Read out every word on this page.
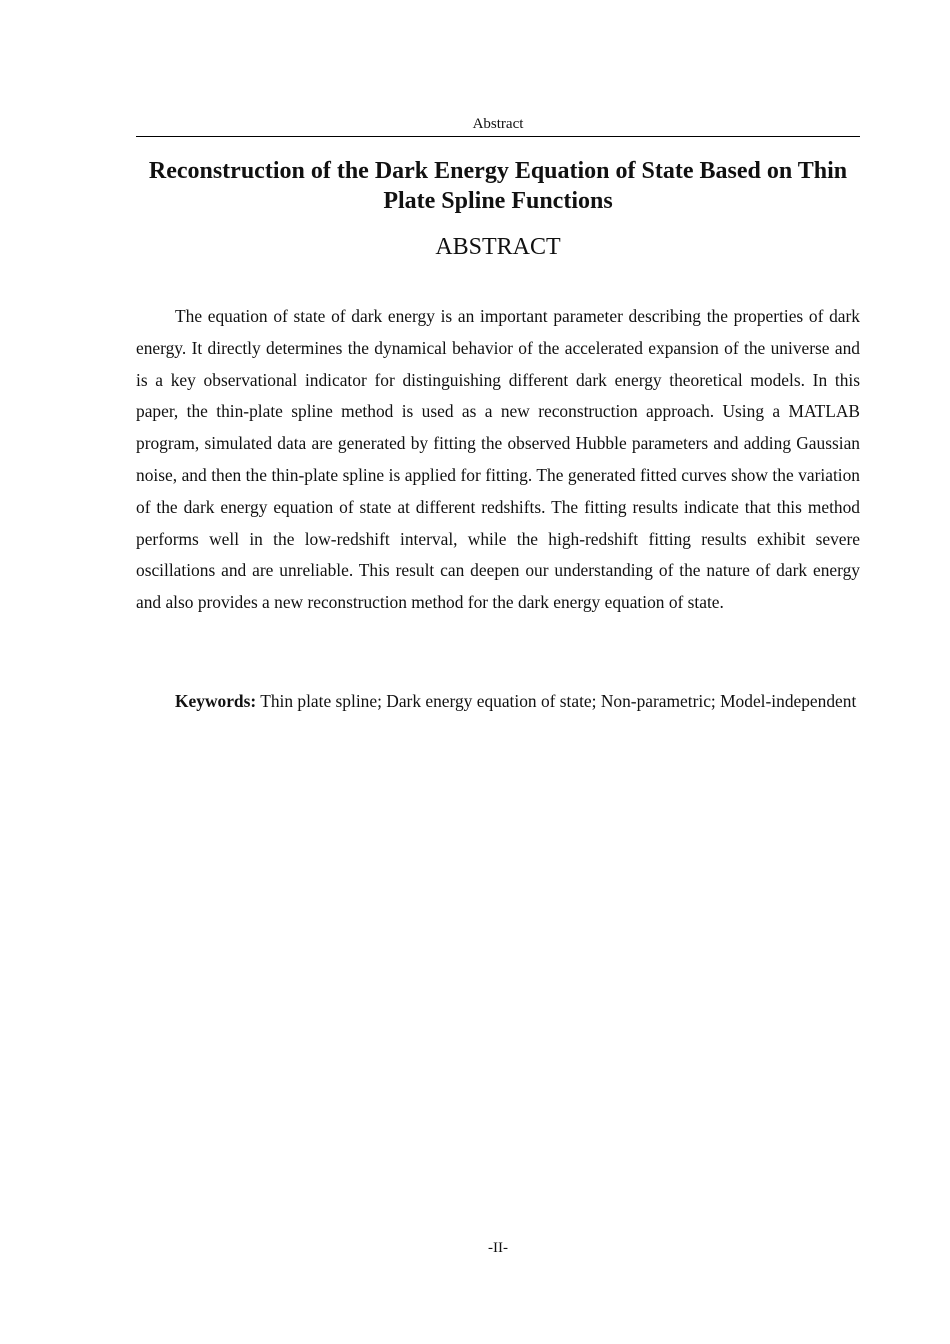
Abstract
Reconstruction of the Dark Energy Equation of State Based on Thin Plate Spline Functions
ABSTRACT

The equation of state of dark energy is an important parameter describing the properties of dark energy. It directly determines the dynamical behavior of the accelerated expansion of the universe and is a key observational indicator for distinguishing different dark energy theoretical models. In this paper, the thin-plate spline method is used as a new reconstruction approach. Using a MATLAB program, simulated data are generated by fitting the observed Hubble parameters and adding Gaussian noise, and then the thin-plate spline is applied for fitting. The generated fitted curves show the variation of the dark energy equation of state at different redshifts. The fitting results indicate that this method performs well in the low-redshift interval, while the high-redshift fitting results exhibit severe oscillations and are unreliable. This result can deepen our understanding of the nature of dark energy and also provides a new reconstruction method for the dark energy equation of state.

Keywords: Thin plate spline; Dark energy equation of state; Non-parametric; Model-independent

-II-
